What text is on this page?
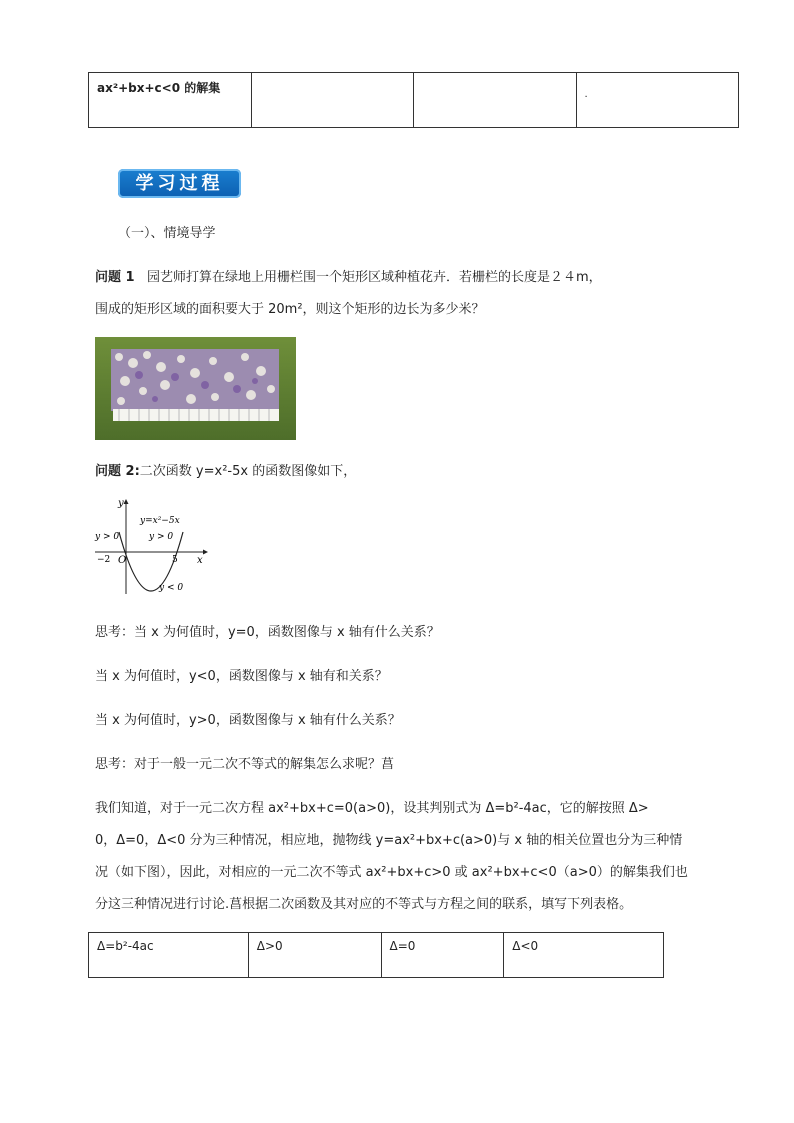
ax²+bx+c<0 的解集			.
学习过程
（一）、情境导学
问题 1 园艺师打算在绿地上用栅栏围一个矩形区域种植花卉．若栅栏的长度是２４m，
围成的矩形区域的面积要大于 20m²，则这个矩形的边长为多少米？
问题 2:二次函数 y=x²-5x 的函数图像如下，
y
x
y=x²−5x
y > 0	y > 0
y < 0
−2 O	5
思考：当 x 为何值时，y=0，函数图像与 x 轴有什么关系？
当 x 为何值时，y<0，函数图像与 x 轴有和关系？
当 x 为何值时，y>0，函数图像与 x 轴有什么关系？
思考：对于一般一元二次不等式的解集怎么求呢？菖
我们知道，对于一元二次方程 ax²+bx+c=0(a>0)，设其判别式为 Δ=b²-4ac，它的解按照 Δ>
0，Δ=0，Δ<0 分为三种情况，相应地，抛物线 y=ax²+bx+c(a>0)与 x 轴的相关位置也分为三种情
况（如下图），因此，对相应的一元二次不等式 ax²+bx+c>0 或 ax²+bx+c<0（a>0）的解集我们也
分这三种情况进行讨论.菖根据二次函数及其对应的不等式与方程之间的联系，填写下列表格。
Δ=b²-4ac	Δ>0	Δ=0	Δ<0
